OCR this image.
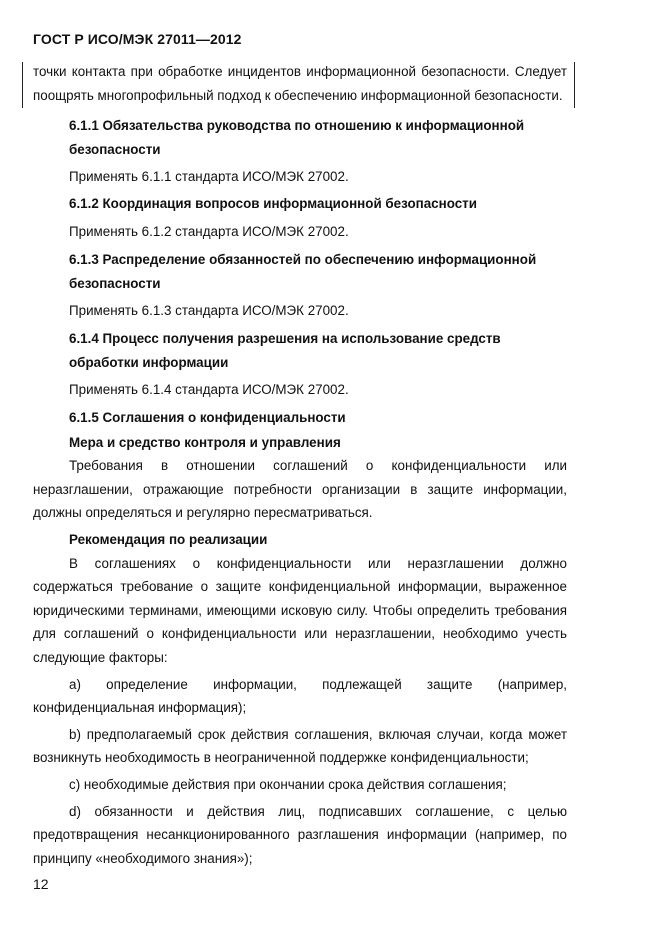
ГОСТ Р ИСО/МЭК 27011—2012
точки контакта при обработке инцидентов информационной безопасности. Следует
поощрять многопрофильный подход к обеспечению информационной безопасности.
6.1.1 Обязательства руководства по отношению к информационной
безопасности
Применять 6.1.1 стандарта ИСО/МЭК 27002.
6.1.2 Координация вопросов информационной безопасности
Применять 6.1.2 стандарта ИСО/МЭК 27002.
6.1.3 Распределение обязанностей по обеспечению информационной
безопасности
Применять 6.1.3 стандарта ИСО/МЭК 27002.
6.1.4 Процесс получения разрешения на использование средств
обработки информации
Применять 6.1.4 стандарта ИСО/МЭК 27002.
6.1.5 Соглашения о конфиденциальности
Мера и средство контроля и управления
Требования в отношении соглашений о конфиденциальности или
неразглашении, отражающие потребности организации в защите информации,
должны определяться и регулярно пересматриваться.
Рекомендация по реализации
В соглашениях о конфиденциальности или неразглашении должно
содержаться требование о защите конфиденциальной информации, выраженное
юридическими терминами, имеющими исковую силу. Чтобы определить требования
для соглашений о конфиденциальности или неразглашении, необходимо учесть
следующие факторы:
a) определение информации, подлежащей защите (например,
конфиденциальная информация);
b) предполагаемый срок действия соглашения, включая случаи, когда может
возникнуть необходимость в неограниченной поддержке конфиденциальности;
c) необходимые действия при окончании срока действия соглашения;
d) обязанности и действия лиц, подписавших соглашение, с целью
предотвращения несанкционированного разглашения информации (например, по
принципу «необходимого знания»);
12
